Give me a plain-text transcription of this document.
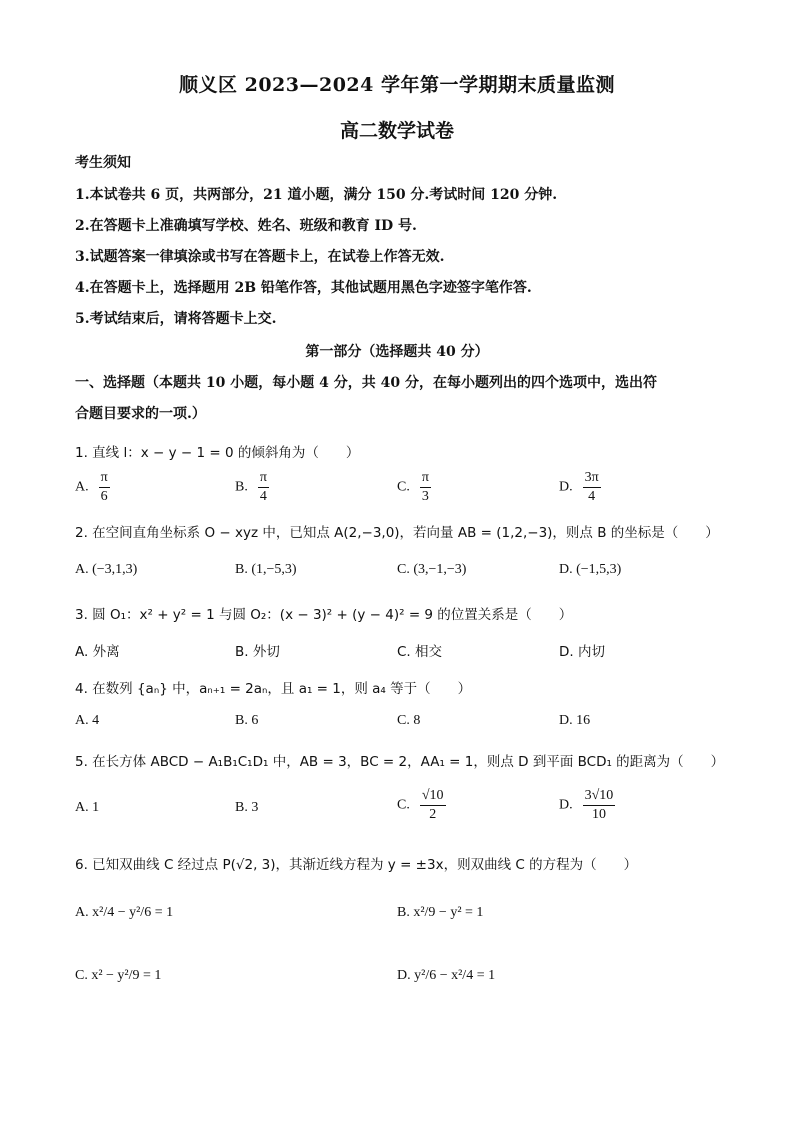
顺义区 2023—2024 学年第一学期期末质量监测
高二数学试卷
考生须知
1.本试卷共 6 页，共两部分，21 道小题，满分 150 分.考试时间 120 分钟.
2.在答题卡上准确填写学校、姓名、班级和教育 ID 号.
3.试题答案一律填涂或书写在答题卡上，在试卷上作答无效.
4.在答题卡上，选择题用 2B 铅笔作答，其他试题用黑色字迹签字笔作答.
5.考试结束后，请将答题卡上交.
第一部分（选择题共 40 分）
一、选择题（本题共 10 小题，每小题 4 分，共 40 分，在每小题列出的四个选项中，选出符
合题目要求的一项.）
1. 直线 l：x − y − 1 = 0 的倾斜角为（　　）
A. $\frac{\pi}{6}$	B. $\frac{\pi}{4}$	C. $\frac{\pi}{3}$	D. $\frac{3\pi}{4}$
2. 在空间直角坐标系 O − xyz 中，已知点 A(2,−3,0)，若向量 AB = (1,2,−3)，则点 B 的坐标是（　　）
A. (−3,1,3)	B. (1,−5,3)	C. (3,−1,−3)	D. (−1,5,3)
3. 圆 O₁：x² + y² = 1 与圆 O₂：(x − 3)² + (y − 4)² = 9 的位置关系是（　　）
A. 外离	B. 外切	C. 相交	D. 内切
4. 在数列 {aₙ} 中，aₙ₊₁ = 2aₙ，且 a₁ = 1，则 a₄ 等于（　　）
A. 4	B. 6	C. 8	D. 16
5. 在长方体 ABCD − A₁B₁C₁D₁ 中，AB = 3，BC = 2，AA₁ = 1，则点 D 到平面 BCD₁ 的距离为（　　）
A. 1	B. 3	C. $\frac{√10}{2}$	D. $\frac{3√10}{10}$
6. 已知双曲线 C 经过点 P(√2, 3)，其渐近线方程为 y = ±3x，则双曲线 C 的方程为（　　）
A. x²/4 − y²/6 = 1	B. x²/9 − y² = 1
C. x² − y²/9 = 1	D. y²/6 − x²/4 = 1
